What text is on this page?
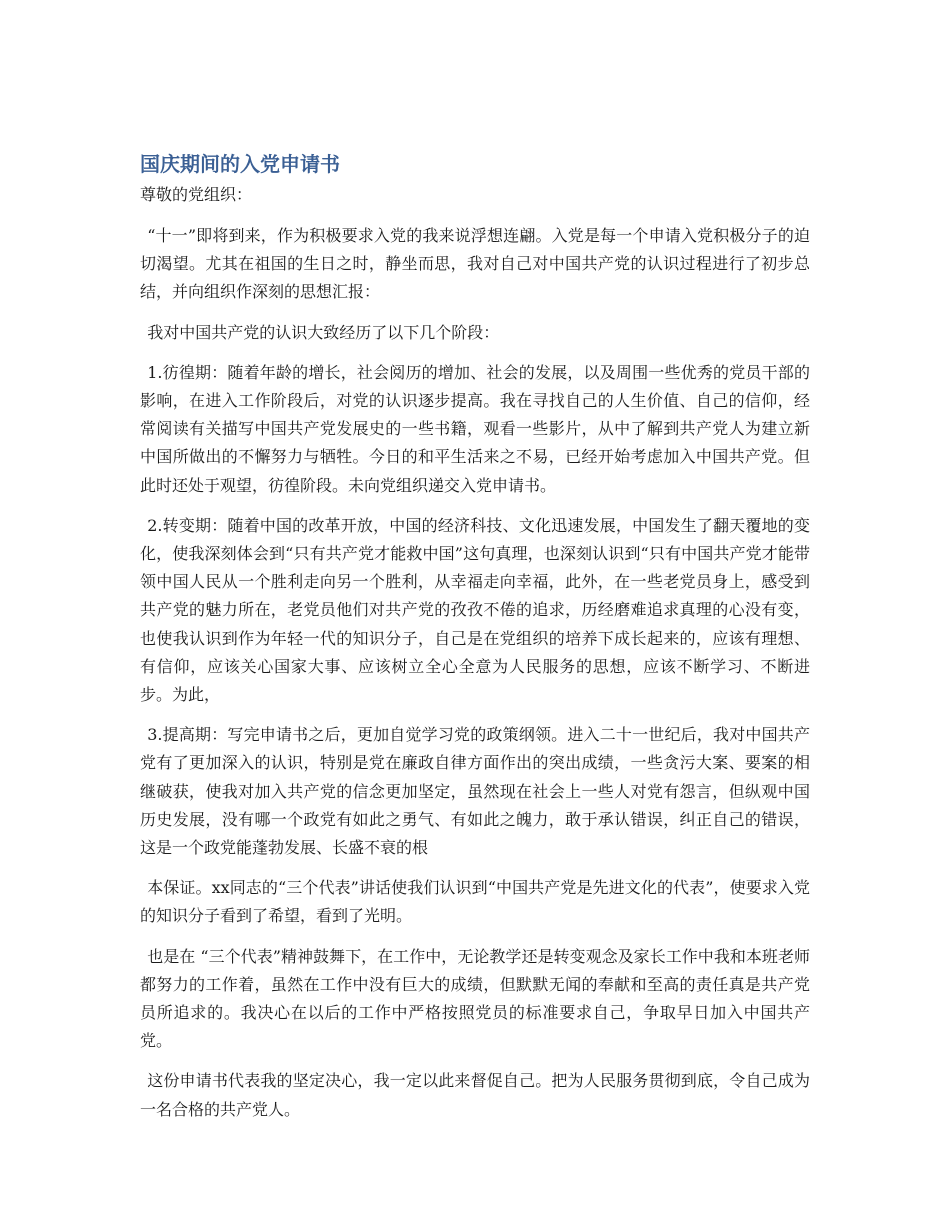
国庆期间的入党申请书

尊敬的党组织：

“十一”即将到来，作为积极要求入党的我来说浮想连翩。入党是每一个申请入党积极分子的迫切渴望。尤其在祖国的生日之时，静坐而思，我对自己对中国共产党的认识过程进行了初步总结，并向组织作深刻的思想汇报：

我对中国共产党的认识大致经历了以下几个阶段：

1.彷徨期：随着年龄的增长，社会阅历的增加、社会的发展，以及周围一些优秀的党员干部的影响，在进入工作阶段后，对党的认识逐步提高。我在寻找自己的人生价值、自己的信仰，经常阅读有关描写中国共产党发展史的一些书籍，观看一些影片，从中了解到共产党人为建立新中国所做出的不懈努力与牺牲。今日的和平生活来之不易，已经开始考虑加入中国共产党。但此时还处于观望，彷徨阶段。未向党组织递交入党申请书。

2.转变期：随着中国的改革开放，中国的经济科技、文化迅速发展，中国发生了翻天覆地的变化，使我深刻体会到“只有共产党才能救中国”这句真理，也深刻认识到“只有中国共产党才能带领中国人民从一个胜利走向另一个胜利，从幸福走向幸福，此外，在一些老党员身上，感受到共产党的魅力所在，老党员他们对共产党的孜孜不倦的追求，历经磨难追求真理的心没有变，也使我认识到作为年轻一代的知识分子，自己是在党组织的培养下成长起来的，应该有理想、有信仰，应该关心国家大事、应该树立全心全意为人民服务的思想，应该不断学习、不断进步。为此，

3.提高期：写完申请书之后，更加自觉学习党的政策纲领。进入二十一世纪后，我对中国共产党有了更加深入的认识，特别是党在廉政自律方面作出的突出成绩，一些贪污大案、要案的相继破获，使我对加入共产党的信念更加坚定，虽然现在社会上一些人对党有怨言，但纵观中国历史发展，没有哪一个政党有如此之勇气、有如此之魄力，敢于承认错误，纠正自己的错误，这是一个政党能蓬勃发展、长盛不衰的根

本保证。xx同志的“三个代表”讲话使我们认识到“中国共产党是先进文化的代表”，使要求入党的知识分子看到了希望，看到了光明。

也是在 “三个代表”精神鼓舞下，在工作中，无论教学还是转变观念及家长工作中我和本班老师都努力的工作着，虽然在工作中没有巨大的成绩，但默默无闻的奉献和至高的责任真是共产党员所追求的。我决心在以后的工作中严格按照党员的标准要求自己，争取早日加入中国共产党。

这份申请书代表我的坚定决心，我一定以此来督促自己。把为人民服务贯彻到底，令自己成为一名合格的共产党人。
